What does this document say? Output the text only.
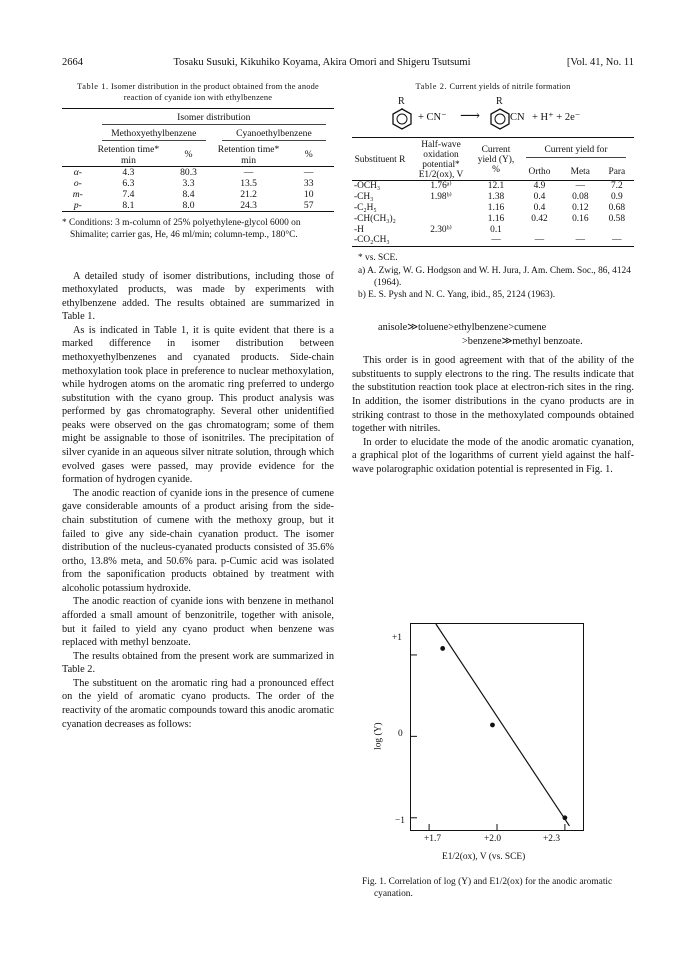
2664	Tosaku Susuki, Kikuhiko Koyama, Akira Omori and Shigeru Tsutsumi	[Vol. 41, No. 11
Table 1. Isomer distribution in the product obtained from the anode reaction of cyanide ion with ethylbenzene

	Isomer distribution			

	Methoxyethylbenzene		Cyanoethylbenzene	

	Retention time* min	%	Retention time* min	%
α-	4.3	80.3	—	—
o-	6.3	3.3	13.5	33
m-	7.4	8.4	21.2	10
p-	8.1	8.0	24.3	57

* Conditions: 3 m-column of 25% polyethylene-glycol 6000 on Shimalite; carrier gas, He, 46 ml/min; column-temp., 180°C.

A detailed study of isomer distributions, including those of methoxylated products, was made by experiments with ethylbenzene added. The results obtained are summarized in Table 1.

As is indicated in Table 1, it is quite evident that there is a marked difference in isomer distribution between methoxyethylbenzenes and cyanated products. Side-chain methoxylation took place in preference to nuclear methoxylation, while hydrogen atoms on the aromatic ring preferred to undergo substitution with the cyano group. This product analysis was performed by gas chromatography. Several other unidentified peaks were observed on the gas chromatogram; some of them might be assignable to those of isonitriles. The precipitation of silver cyanide in an aqueous silver nitrate solution, through which evolved gases were passed, may provide evidence for the formation of hydrogen cyanide.

The anodic reaction of cyanide ions in the presence of cumene gave considerable amounts of a product arising from the side-chain substitution of cumene with the methoxy group, but it failed to give any side-chain cyanation product. The isomer distribution of the nucleus-cyanated products consisted of 35.6% ortho, 13.8% meta, and 50.6% para. p-Cumic acid was isolated from the saponification products obtained by treatment with alcoholic potassium hydroxide.

The anodic reaction of cyanide ions with benzene in methanol afforded a small amount of benzonitrile, together with anisole, but it failed to yield any cyano product when benzene was replaced with methyl benzoate.

The results obtained from the present work are summarized in Table 2.

The substituent on the aromatic ring had a pronounced effect on the yield of aromatic cyano products. The order of the reactivity of the aromatic compounds toward this anodic aromatic cyanation decreases as follows:

Table 2. Current yields of nitrile formation
R
+ CN⁻ ⟶
R
CN + H⁺ + 2e⁻
Substituent R	Half-wave oxidation potential* E1/2(ox), V	Current yield (Y), %	Current yield for		

			Ortho	Meta	Para
-OCH₃	1.76ᵃ⁾	12.1	4.9	—	7.2
-CH₃	1.98ᵇ⁾	1.38	0.4	0.08	0.9
-C₂H₅		1.16	0.4	0.12	0.68
-CH(CH₃)₂		1.16	0.42	0.16	0.58
-H	2.30ᵇ⁾	0.1			
-CO₂CH₃		—	—	—	—

* vs. SCE.
a) A. Zwig, W. G. Hodgson and W. H. Jura, J. Am. Chem. Soc., 86, 4124 (1964).
b) E. S. Pysh and N. C. Yang, ibid., 85, 2124 (1963).
anisole≫toluene>ethylbenzene>cumene
>benzene≫methyl benzoate.

This order is in good agreement with that of the ability of the substituents to supply electrons to the ring. The results indicate that the substitution reaction took place at electron-rich sites in the ring. In addition, the isomer distributions in the cyano products are in striking contrast to those in the methoxylated compounds obtained together with nitriles.

In order to elucidate the mode of the anodic aromatic cyanation, a graphical plot of the logarithms of current yield against the half-wave polarographic oxidation potential is represented in Fig. 1.

+1
0
−1
log (Y)
+1.7	+2.0	+2.3
E1/2(ox), V (vs. SCE)
Fig. 1. Correlation of log (Y) and E1/2(ox) for the anodic aromatic cyanation.
